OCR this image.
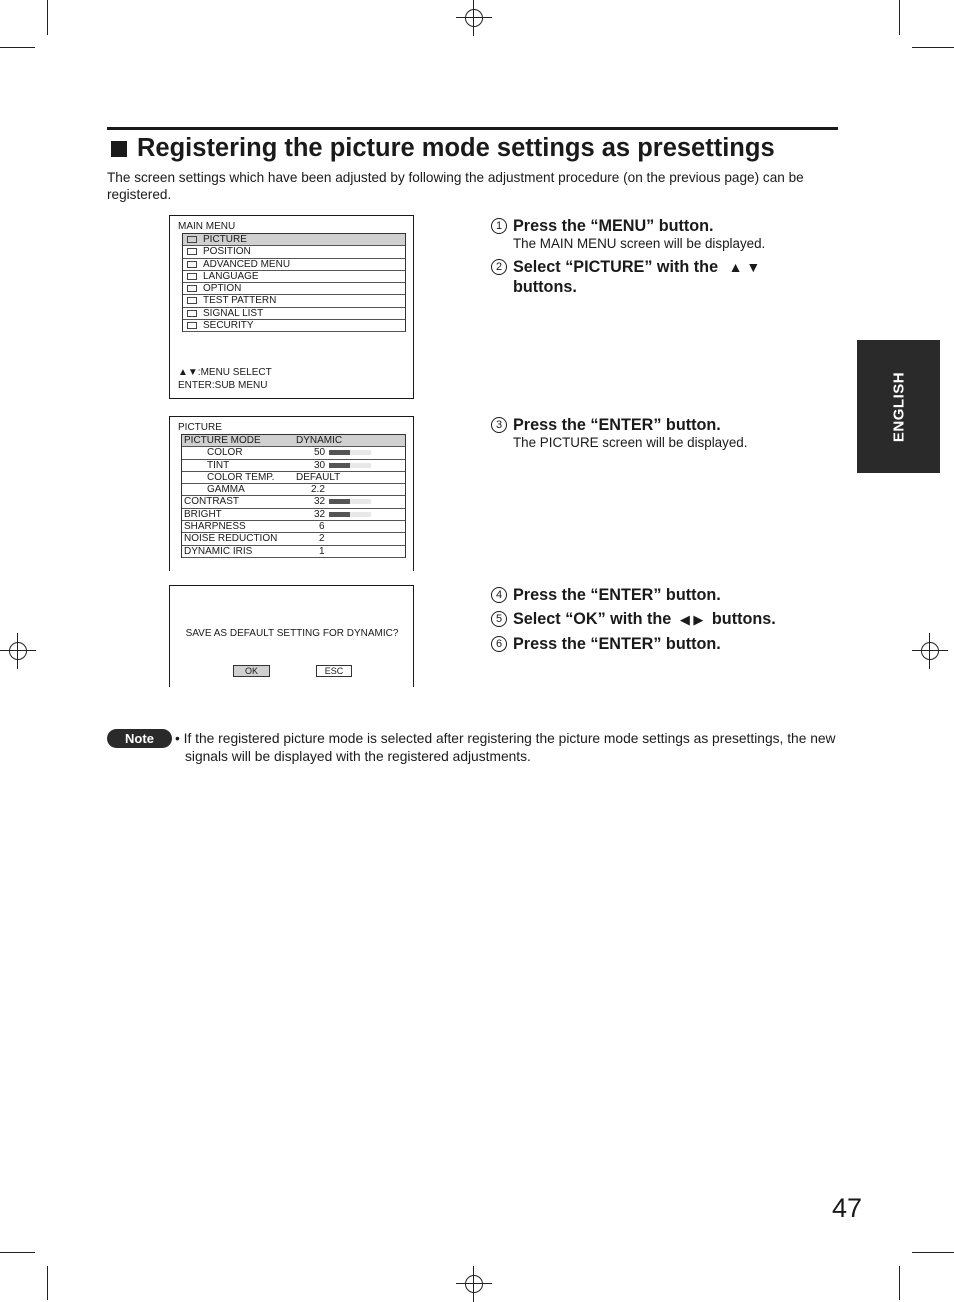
Registering the picture mode settings as presettings
The screen settings which have been adjusted by following the adjustment procedure (on the previous page) can be registered.
MAIN MENU
PICTURE
POSITION
ADVANCED MENU
LANGUAGE
OPTION
TEST PATTERN
SIGNAL LIST
SECURITY
▲▼:MENU SELECT
ENTER:SUB MENU
PICTURE
PICTURE MODE	DYNAMIC
COLOR	50
TINT	30
COLOR TEMP. DEFAULT
GAMMA	2.2
CONTRAST	32
BRIGHT	32
SHARPNESS	6
NOISE REDUCTION	2
DYNAMIC IRIS	1
SAVE AS DEFAULT SETTING FOR DYNAMIC?
OK	ESC
1 Press the “MENU” button.
The MAIN MENU screen will be displayed.
2 Select “PICTURE” with the ▲ ▼
buttons.
3 Press the “ENTER” button.
The PICTURE screen will be displayed.
4 Press the “ENTER” button.
5 Select “OK” with the ◀ ▶ buttons.
6 Press the “ENTER” button.
ENGLISH
Note	• If the registered picture mode is selected after registering the picture mode settings as presettings, the new signals will be displayed with the registered adjustments.
47
